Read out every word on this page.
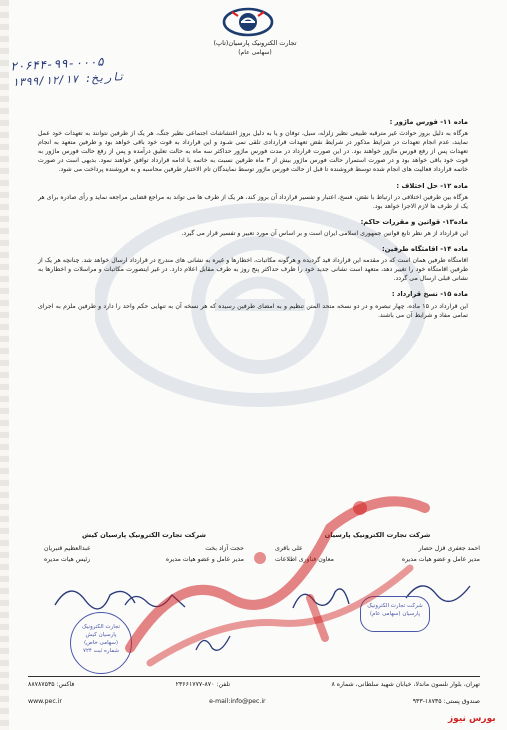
تجارت الکترونیک پارسیان(تاپ)
(سهامی عام)
۲۰۶۴۴-۹۹-۰۰۰۵
تاریخ: ۱۳۹۹/۱۲/۱۷
ماده ۱۱- فورس ماژور :

هرگاه به دلیل بروز حوادث غیر مترقبه طبیعی نظیر زلزله، سیل، توفان و یا به دلیل بروز اغتشاشات اجتماعی نظیر جنگ، هر یک از طرفین نتوانند به تعهدات خود عمل نمایند، عدم انجام تعهدات در شرایط مذکور در شرایط نقض تعهدات قراردادی تلقی نمی شـود و این قرارداد به قوت خود باقی خواهد بود و طرفین متعهد به انجام تعهدات پس از رفع فورس ماژور خواهند بود. در این صورت قرارداد در مدت فورس ماژور حداکثر سه ماه به حالت تعلیق درآمده و پس از رفع حالت فورس ماژور به قوت خود باقی خواهد بود و در صورت استمرار حالت فورس ماژور بیش از ۳ ماه طرفین نسبت به خاتمه یا ادامه قرارداد توافق خواهند نمود. بدیهی است در صورت خاتمه قرارداد فعالیت های انجام شده توسط فروشنده تا قبل از حالت فورس ماژور توسط نمایندگان تام الاختیار طرفین محاسبه و به فروشنده پرداخت می شود.

ماده ۱۲- حل اختلاف :

هرگاه بین طرفین اختلافی در ارتباط با نقض، فسخ، اعتبار و تفسیر قرارداد آن بروز کند، هر یک از طرف ها می تواند به مراجع قضایی مراجعه نماید و رأی صادره برای هر یک از طرف ها لازم الاجرا خواهد بود.

ماده۱۳- قوانین و مقررات حاکم:

این قرارداد از هر نظر تابع قوانین جمهوری اسلامی ایران است و بر اساس آن مورد تعبیر و تفسیر قرار می گیرد.

ماده ۱۴- اقامتگاه طرفین:

اقامتگاه طرفین همان است که در مقدمه این قرارداد قید گردیده و هرگونه مکاتبات، اخطارها و غیره به نشانی های مندرج در قرارداد ارسال خواهد شد. چنانچه هر یک از طرفین اقامتگاه خود را تغییر دهد، متعهد است نشانی جدید خود را ظرف حداکثر پنج روز به طرف مقابل اعلام دارد. در غیر اینصورت مکاتبات و مراسلات و اخطارها به نشانی قبلی ارسال می گردد.

ماده ۱۵- نسخ قرارداد :

این قرارداد در ۱۵ ماده، چهار تبصره و در دو نسخه متحد المتن تنظیم و به امضای طرفین رسیده که هر نسخه آن به تنهایی حکم واحد را دارد و طرفین ملزم به اجرای تمامی مفاد و شرایط آن می باشند.

شرکت تجارت الکترونیک پارسیان
احمد جعفری قزل حصار
علی باقری
مدیر عامل و عضو هیات مدیره
معاون فناوری اطلاعات
شرکت تجارت الکترونیک پارسیان کیش
حجت آزاد بخت
عبدالعظیم قنبریان
مدیر عامل و عضو هیات مدیره
رئیس هیات مدیره
تجارت الکترونیک
پارسیان کیش
(سهامی خاص)
شماره ثبت ۷۲۴
شرکت تجارت الکترونیک پارسیان (سهامی عام)
تهران، بلوار نلسون ماندلا، خیابان شهید سلطانی، شماره ۸
تلفن: ۸۷۰-۲۳۶۶۱۷۷۷
فاکس: ۸۸۷۸۷۵۳۵
صندوق پستی: ۱۸۷۳۵-۹۳۳
e-mail:info@pec.ir
www.pec.ir
بورس نیوز
